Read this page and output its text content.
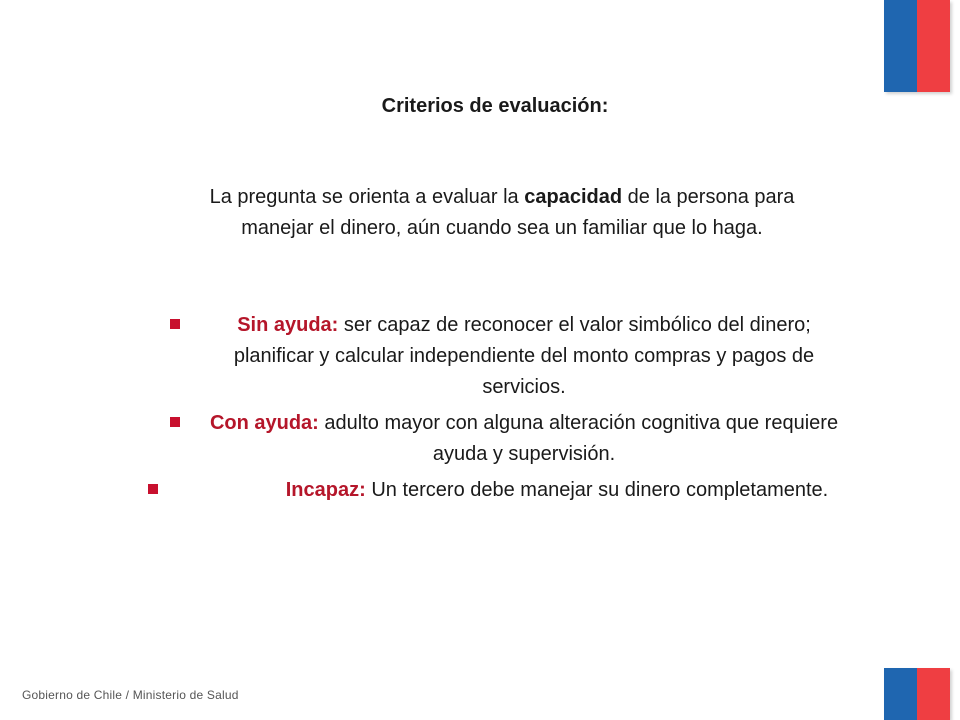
Criterios de evaluación:
La pregunta se orienta a evaluar la capacidad de la persona para manejar el dinero, aún cuando sea un familiar que lo haga.
Sin ayuda: ser capaz de reconocer el valor simbólico del dinero; planificar y calcular independiente del monto compras y pagos de servicios.
Con ayuda: adulto mayor con alguna alteración cognitiva que requiere ayuda y supervisión.
Incapaz: Un tercero debe manejar su dinero completamente.
Gobierno de Chile / Ministerio de Salud
